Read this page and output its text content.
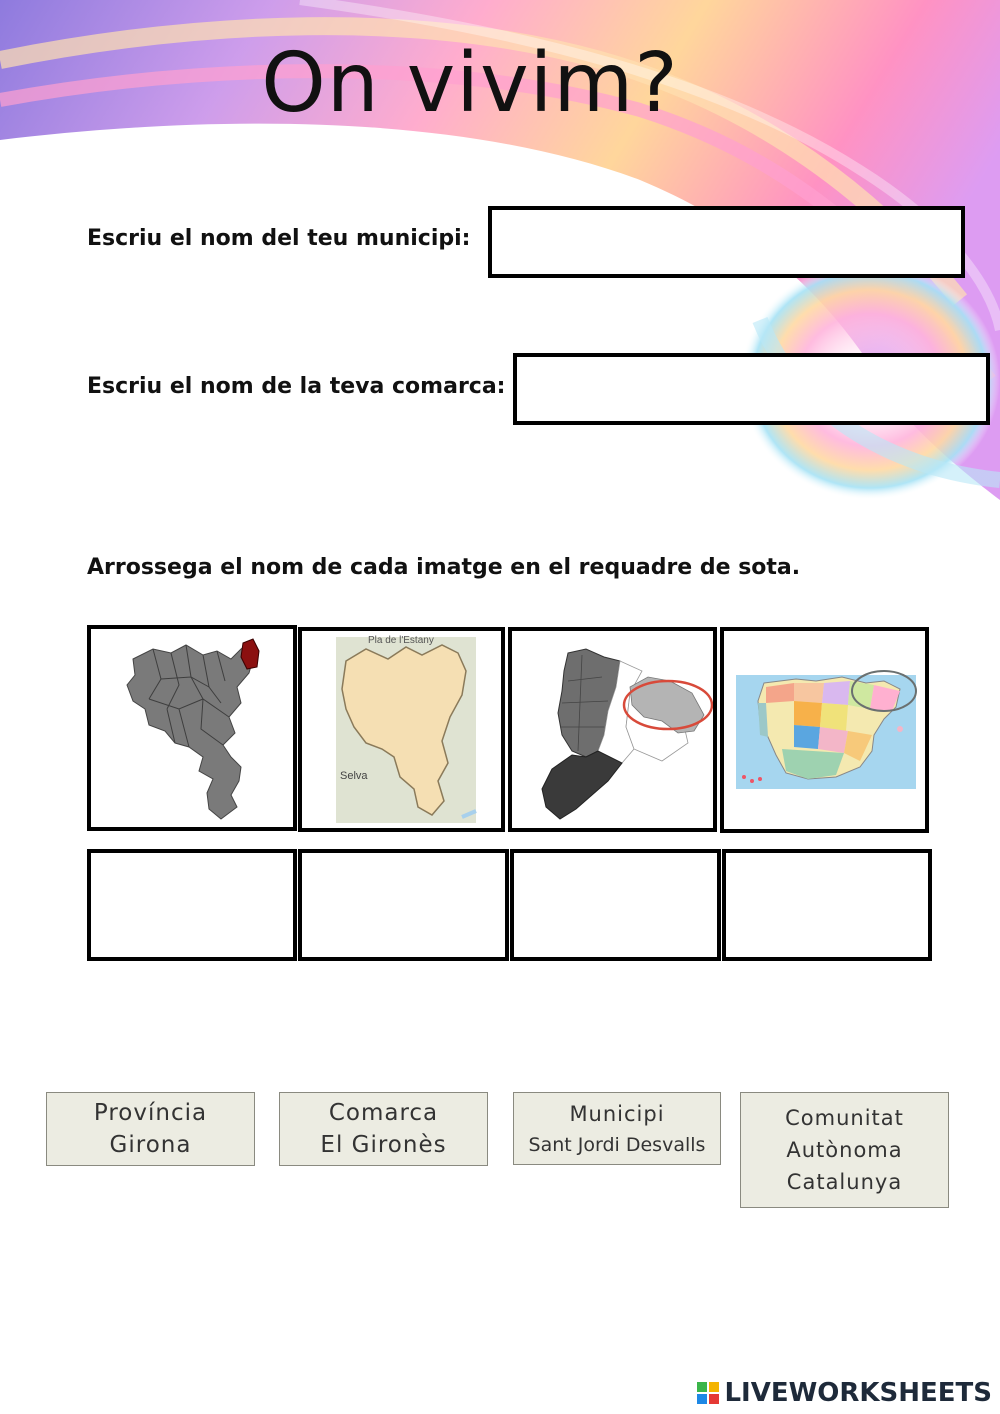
On vivim?
Escriu el nom del teu municipi:
Escriu el nom de la teva comarca:
Arrossega el nom de cada imatge en el requadre de sota.
Pla de l'Estany
Selva
Província
Girona
Comarca
El Gironès
Municipi
Sant Jordi Desvalls
Comunitat
Autònoma
Catalunya
LIVEWORKSHEETS
